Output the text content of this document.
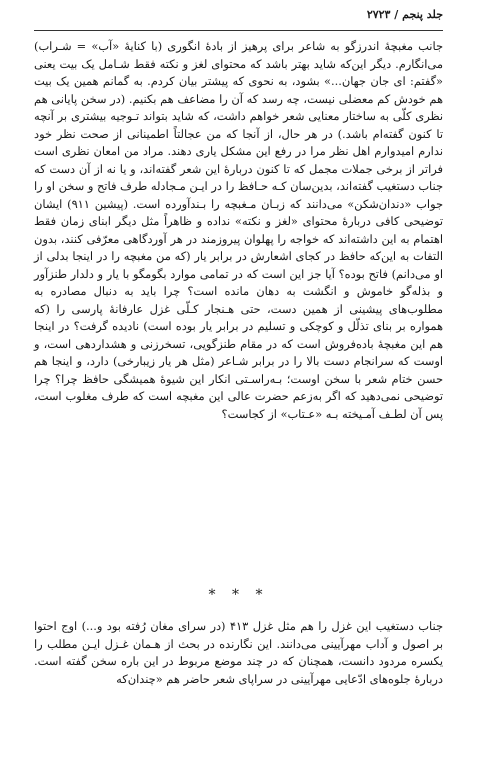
جلد پنجم / ۲۷۲۳

جانب مغبچهٔ اندرزگو به شاعر برای پرهیز از بادهٔ انگوری (با کنایهٔ «آب» = شـراب) می‌انگارم. دیگر این‌که شاید بهتر باشد که محتوای لغز و نکته فقط شـامل یک بیت یعنی «گفتم: ای جان جهان...» بشود، به نحوی که پیشتر بیان کردم. به گمانم همین یک بیت هم خودش کم معضلی نیست، چه رسد که آن را مضاعف هم بکنیم. (در سخن پایانی هم نظری کلّی به ساختار معنایی شعر خواهم داشت، که شاید بتواند تـوجیه بیشتری بر آنچه تا کنون گفته‌ام باشد.) در هر حال، از آنجا که من عجالتاً اطمینانی از صحت نظر خود ندارم امیدوارم اهل نظر مرا در رفع این مشکل یاری دهند. مراد من امعان نظری است فراتر از برخی جملات مجمل که تا کنون دربارهٔ این شعر گفته‌اند، و یا نه از آن دست که جناب دستغیب گفته‌اند، بدین‌سان کـه حـافظ را در ایـن مـجادله طرف فاتح و سخن او را جواب «دندان‌شکن» می‌دانند که زبـان مـغبچه را بـند‌آورده است. (پیشین ۹۱۱) ایشان توضیحی کافی دربارهٔ محتوای «لغز و نکته» نداده و ظاهراً مثل دیگر ابنای زمان فقط اهتمام به این داشته‌اند که خواجه را پهلوان پیروزمند در هر آوردگاهی معرّفی کنند، بدون التفات به این‌که حافظ در کجای اشعارش در برابر یار (که من مغبچه را در اینجا بدلی از او می‌دانم) فاتح بوده؟ آیا جز این است که در تمامی موارد بگومگو با یار و دلدار طنزآور و بذله‌گو خاموش و انگشت به دهان مانده است؟ چرا باید به دنبال مصادره به مطلوب‌های پیشینی از همین دست، حتی هـنجار کـلّی غزل عارفانهٔ پارسی را (که همواره بر بنای تذلّل و کوچکی و تسلیم در برابر یار بوده است) نادیده گرفت؟ در اینجا هم این مغبچهٔ باده‌فروش است که در مقام طنزگویی، تسخرزنی و هشداردهی است، و اوست که سرانجام دست بالا را در برابر شـاعر (مثل هر یار زیبارخی) دارد، و اینجا هم حسن ختام شعر با سخن اوست؛ بـه‌راسـتی انکار این شیوهٔ همیشگی حافظ چرا؟ چرا توضیحی نمی‌دهید که اگر به‌زعم حضرت عالی این مغبچه است که طرف مغلوب است، پس آن لطـف آمـیخته بـه «عـتاب» از کجاست؟

* * *

جناب دستغیب این غزل را هم مثل غزل ۴۱۳ (در سرای مغان رُفته بود و...) اوج احتوا بر اصول و آداب مهرآیینی می‌دانند. این نگارنده در بحث از هـمان غـزل ایـن مطلب را یکسره مردود دانست، همچنان که در چند موضع مربوط در این باره سخن گفته است. دربارهٔ جلوه‌های ادّعایی مهرآیینی در سراپای شعر حاضر هم «چندان‌که
